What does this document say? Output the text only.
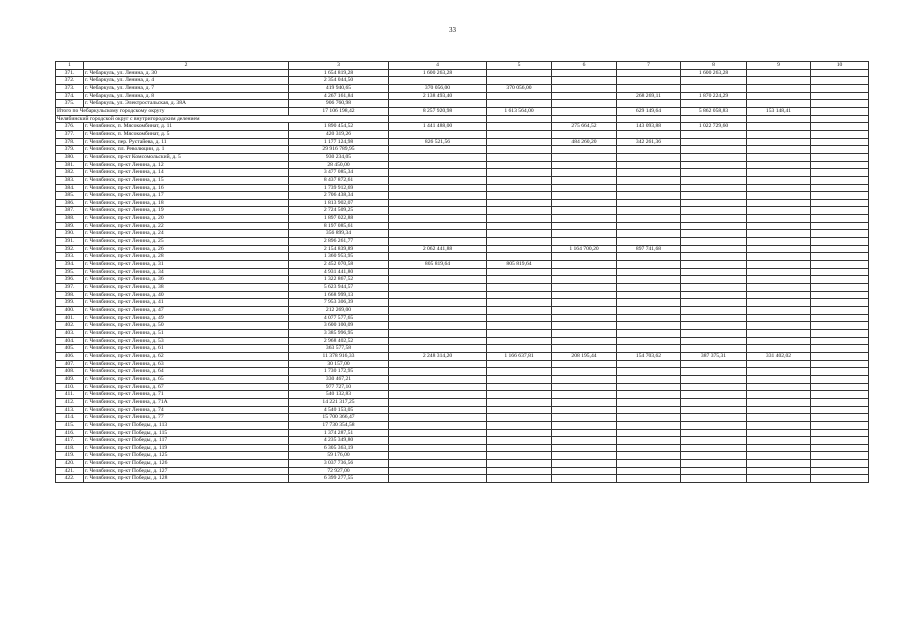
33
1	2	3	4	5	6	7	8	9	10
371.	г. Чебаркуль, ул. Ленина, д. 30	1 654 819,28	1 600 263,28				1 600 263,28		
372.	г. Чебаркуль, ул. Ленина, д. 4	2 354 044,50							
373.	г. Чебаркуль, ул. Ленина, д. 7	419 940,65	370 056,00	370 056,00					
374.	г. Чебаркуль, ул. Ленина, д. 8	4 267 161,84	2 138 493,40			268 269,11	1 870 224,29		
375.	г. Чебаркуль, ул. Электростальская, д. 38А	906 760,98							
Итого по Чебаркульскому городскому округу		17 106 198,42	8 257 920,98	1 613 564,00		629 149,64	5 862 058,83	153 148,41	
Челябинский городской округ с внутригородским делением									
376.	г. Челябинск, п. Мясокомбинат, д. 11	1 890 454,52	1 441 488,00		275 664,52	143 093,88	1 022 729,60		
377.	г. Челябинск, п. Мясокомбинат, д. 5	420 319,26							
378.	г. Челябинск, пер. Рустайева, д. 11	1 177 124,98	826 521,56		484 260,20	342 261,36			
379.	г. Челябинск, пл. Революции, д. 1	29 916 789,95							
380.	г. Челябинск, пр-кт Комсомольский, д. 5	930 234,05							
381.	г. Челябинск, пр-кт Ленина, д. 12	28 450,00							
382.	г. Челябинск, пр-кт Ленина, д. 14	3 477 085,34							
383.	г. Челябинск, пр-кт Ленина, д. 15	8 437 872,61							
384.	г. Челябинск, пр-кт Ленина, д. 16	1 739 912,69							
385.	г. Челябинск, пр-кт Ленина, д. 17	2 706 438,34							
386.	г. Челябинск, пр-кт Ленина, д. 18	1 813 902,07							
387.	г. Челябинск, пр-кт Ленина, д. 19	2 724 509,25							
388.	г. Челябинск, пр-кт Ленина, д. 20	1 897 022,88							
389.	г. Челябинск, пр-кт Ленина, д. 22	8 197 085,61							
390.	г. Челябинск, пр-кт Ленина, д. 24	356 899,34							
391.	г. Челябинск, пр-кт Ленина, д. 25	2 896 261,77							
392.	г. Челябинск, пр-кт Ленина, д. 26	2 154 839,89	2 062 441,88		1 164 700,20	897 741,68			
393.	г. Челябинск, пр-кт Ленина, д. 28	1 360 953,95							
394.	г. Челябинск, пр-кт Ленина, д. 31	2 452 070,58	805 819,64	805 819,64					
395.	г. Челябинск, пр-кт Ленина, д. 34	4 931 441,80							
396.	г. Челябинск, пр-кт Ленина, д. 36	1 322 867,52							
397.	г. Челябинск, пр-кт Ленина, д. 38	5 623 944,57							
398.	г. Челябинск, пр-кт Ленина, д. 40	1 668 999,13							
399.	г. Челябинск, пр-кт Ленина, д. 41	7 953 306,39							
400.	г. Челябинск, пр-кт Ленина, д. 47	212 269,00							
401.	г. Челябинск, пр-кт Ленина, д. 49	4 077 577,65							
402.	г. Челябинск, пр-кт Ленина, д. 50	3 600 100,09							
403.	г. Челябинск, пр-кт Ленина, д. 51	3 385 996,95							
404.	г. Челябинск, пр-кт Ленина, д. 53	2 968 402,52							
405.	г. Челябинск, пр-кт Ленина, д. 61	363 577,58							
406.	г. Челябинск, пр-кт Ленина, д. 62	11 378 916,33	2 248 314,20	1 166 637,81	208 195,44	154 703,62	387 375,31	331 402,02	
407.	г. Челябинск, пр-кт Ленина, д. 63	30 157,00							
408.	г. Челябинск, пр-кт Ленина, д. 64	1 730 172,95							
409.	г. Челябинск, пр-кт Ленина, д. 65	330 467,21							
410.	г. Челябинск, пр-кт Ленина, д. 67	977 727,10							
411.	г. Челябинск, пр-кт Ленина, д. 71	540 132,83							
412.	г. Челябинск, пр-кт Ленина, д. 71А	14 221 317,25							
413.	г. Челябинск, пр-кт Ленина, д. 74	4 540 153,05							
414.	г. Челябинск, пр-кт Ленина, д. 77	15 700 366,47							
415.	г. Челябинск, пр-кт Победы, д. 113	17 730 354,58							
416.	г. Челябинск, пр-кт Победы, д. 115	1 374 287,51							
417.	г. Челябинск, пр-кт Победы, д. 117	4 235 349,80							
418.	г. Челябинск, пр-кт Победы, д. 119	6 305 363,19							
419.	г. Челябинск, пр-кт Победы, д. 125	59 176,00							
420.	г. Челябинск, пр-кт Победы, д. 126	3 037 736,56							
421.	г. Челябинск, пр-кт Победы, д. 127	72 927,00							
422.	г. Челябинск, пр-кт Победы, д. 128	6 399 277,55							
